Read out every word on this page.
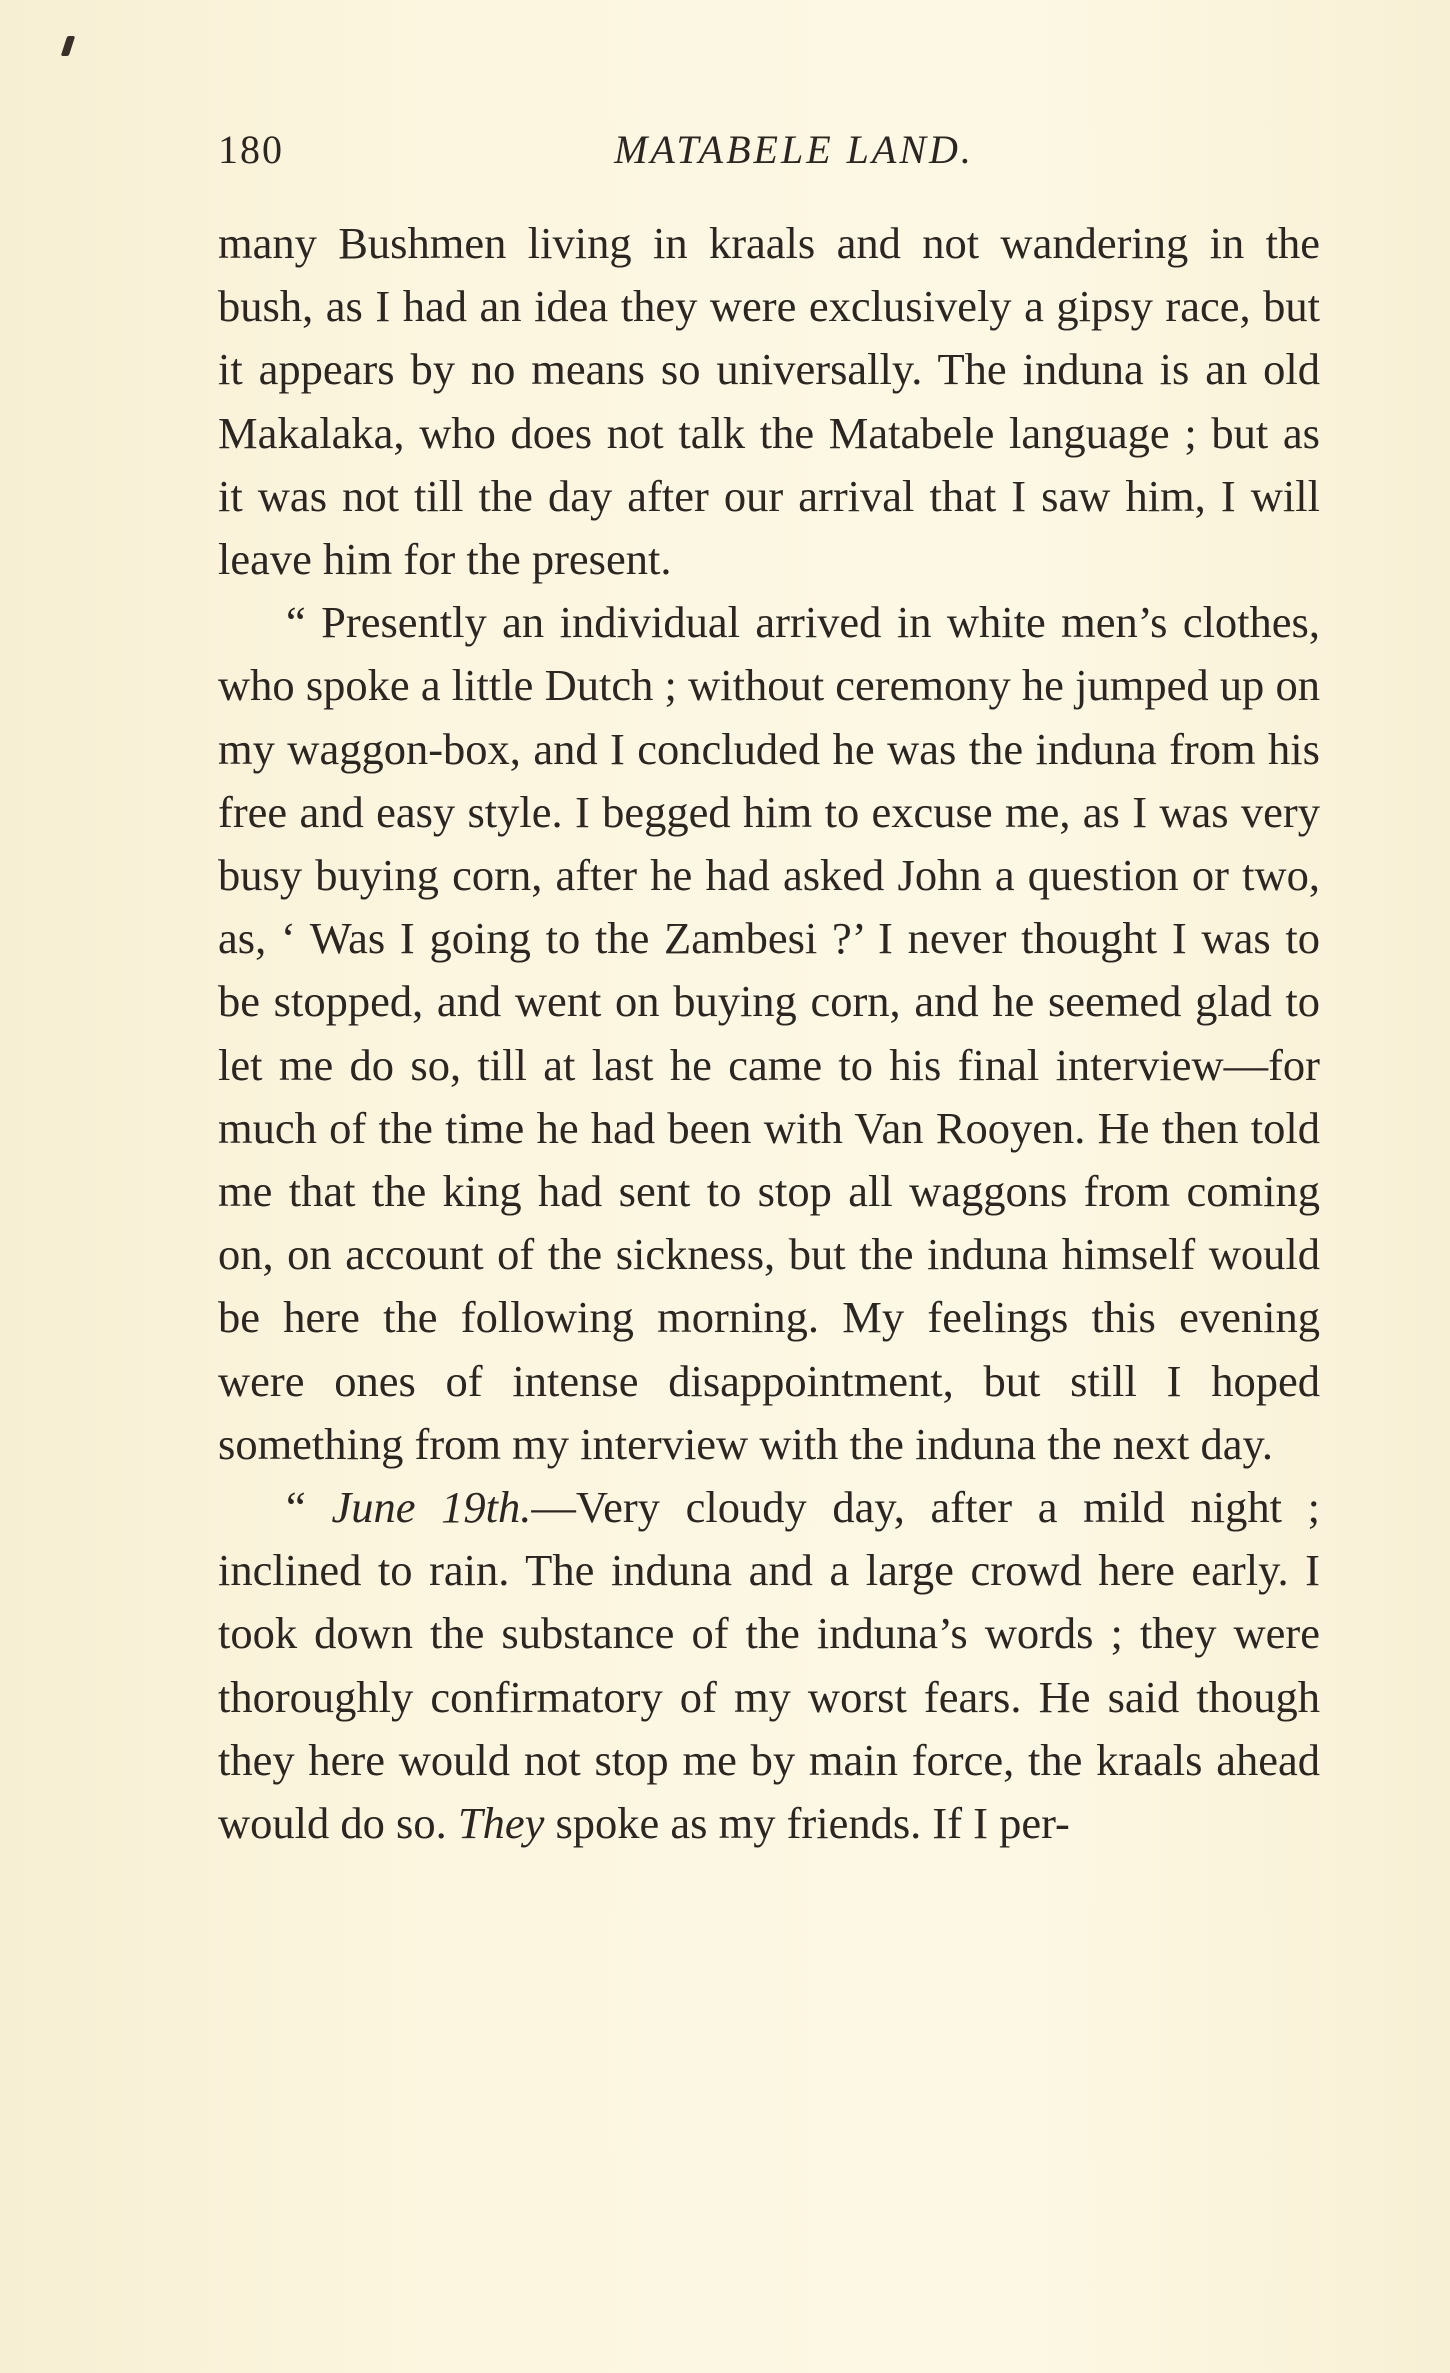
180	MATABELE LAND.

many Bushmen living in kraals and not wandering in the bush, as I had an idea they were exclusively a gipsy race, but it appears by no means so universally. The induna is an old Makalaka, who does not talk the Matabele language ; but as it was not till the day after our arrival that I saw him, I will leave him for the present.

“ Presently an individual arrived in white men’s clothes, who spoke a little Dutch ; without ceremony he jumped up on my waggon-box, and I concluded he was the induna from his free and easy style. I begged him to excuse me, as I was very busy buying corn, after he had asked John a question or two, as, ‘ Was I going to the Zambesi ?’ I never thought I was to be stopped, and went on buying corn, and he seemed glad to let me do so, till at last he came to his final interview—for much of the time he had been with Van Rooyen. He then told me that the king had sent to stop all waggons from coming on, on account of the sickness, but the induna himself would be here the following morning. My feelings this evening were ones of intense disappointment, but still I hoped something from my interview with the induna the next day.

“ June 19th.—Very cloudy day, after a mild night ; inclined to rain. The induna and a large crowd here early. I took down the substance of the induna’s words ; they were thoroughly confirmatory of my worst fears. He said though they here would not stop me by main force, the kraals ahead would do so. They spoke as my friends. If I per-
